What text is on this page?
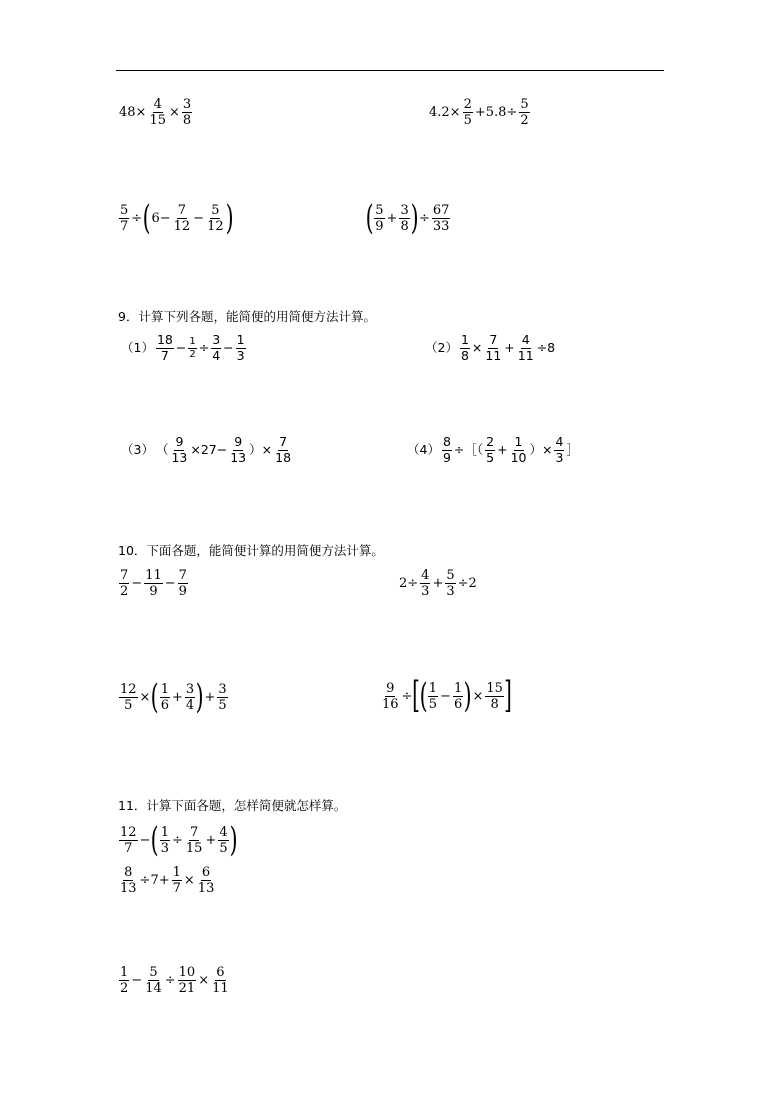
$48\times \frac{4}{15} \times \frac{3}{8}$	$4.2\times \frac{2}{5} +5.8\div \frac{5}{2}$
$\frac{5}{7}$ ÷ ( $6- \frac{7}{12} - \frac{5}{12}$ )	( $\frac{5}{9} + \frac{3}{8}$ ) ÷ $\frac{67}{33}$
9．计算下列各题，能简便的用简便方法计算。
$(1) \frac{18}{7} - \frac{1}{2} \div \frac{3}{4} - \frac{1}{3}$	$(2) \frac{1}{8} \times \frac{7}{11} + \frac{4}{11} \div 8$
（3） （ $\frac{9}{13} \times 27- \frac{9}{13}$ ）× $\frac{7}{18}$	$(4) \frac{8}{9}$ ÷［（ $\frac{2}{5} + \frac{1}{10}$ ）× $\frac{4}{3}$ ］
10．下面各题，能简便计算的用简便方法计算。
$\frac{7}{2} - \frac{11}{9} - \frac{7}{9}$	$2\div \frac{4}{3} + \frac{5}{3} \div 2$
$\frac{12}{5}$ × ( $\frac{1}{6} + \frac{3}{4}$ ) + $\frac{3}{5}$	$\frac{9}{16}$ ÷ [
( $\frac{1}{5} - \frac{1}{6}$ ) × $\frac{15}{8}$ ]
11．计算下面各题，怎样简便就怎样算。
$\frac{12}{7}$ − ( $\frac{1}{3} \div \frac{7}{15} + \frac{4}{5}$ )
$\frac{8}{13} \div 7+ \frac{1}{7} \times \frac{6}{13}$
$\frac{1}{2} - \frac{5}{14} \div \frac{10}{21} \times \frac{6}{11}$
